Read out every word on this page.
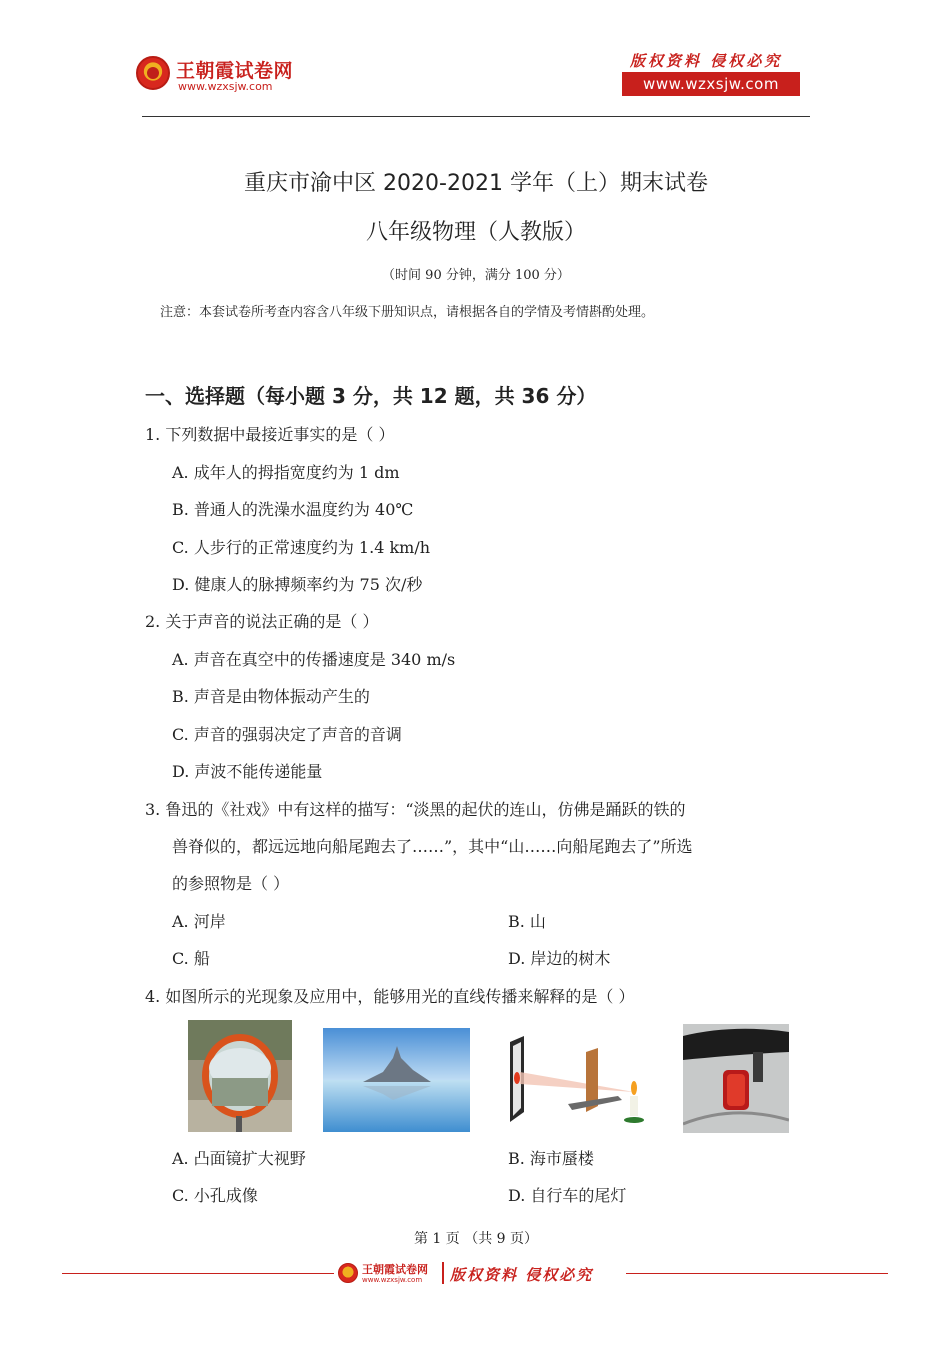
王朝霞试卷网
www.wzxsjw.com
版权资料 侵权必究
www.wzxsjw.com
重庆市渝中区 2020-2021 学年（上）期末试卷
八年级物理（人教版）
（时间 90 分钟，满分 100 分）
注意：本套试卷所考查内容含八年级下册知识点，请根据各自的学情及考情斟酌处理。
一、选择题（每小题 3 分，共 12 题，共 36 分）
1. 下列数据中最接近事实的是（ ）
A. 成年人的拇指宽度约为 1 dm
B. 普通人的洗澡水温度约为 40℃
C. 人步行的正常速度约为 1.4 km/h
D. 健康人的脉搏频率约为 75 次/秒
2. 关于声音的说法正确的是（ ）
A. 声音在真空中的传播速度是 340 m/s
B. 声音是由物体振动产生的
C. 声音的强弱决定了声音的音调
D. 声波不能传递能量
3. 鲁迅的《社戏》中有这样的描写：“淡黑的起伏的连山，仿佛是踊跃的铁的
兽脊似的，都远远地向船尾跑去了……”，其中“山……向船尾跑去了”所选
的参照物是（ ）
A. 河岸	B. 山
C. 船	D. 岸边的树木
4. 如图所示的光现象及应用中，能够用光的直线传播来解释的是（ ）
A. 凸面镜扩大视野	B. 海市蜃楼
C. 小孔成像	D. 自行车的尾灯
第 1 页 （共 9 页）
王朝霞试卷网
www.wzxsjw.com 版权资料 侵权必究
